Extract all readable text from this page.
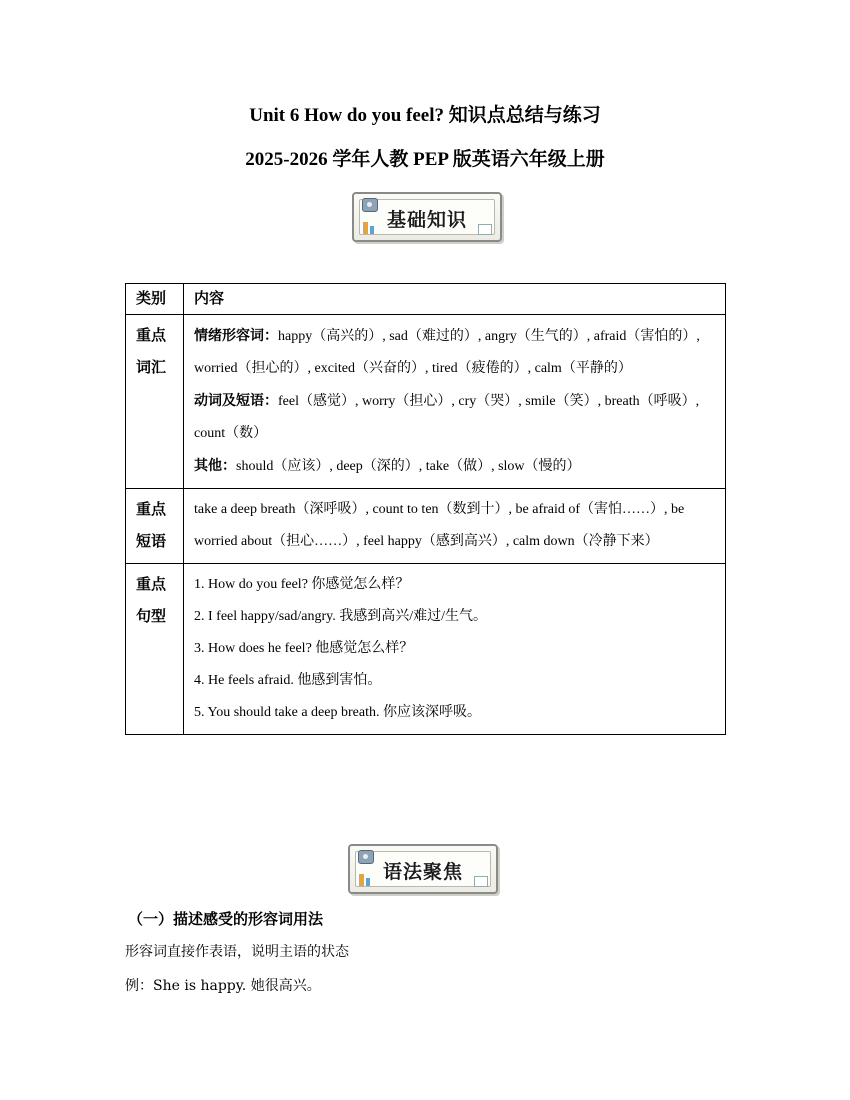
Unit 6 How do you feel? 知识点总结与练习
2025-2026 学年人教 PEP 版英语六年级上册
基础知识
类别	内容
重点词汇	情绪形容词：happy（高兴的）, sad（难过的）, angry（生气的）, afraid（害怕的）, worried（担心的）, excited（兴奋的）, tired（疲倦的）, calm（平静的）
动词及短语：feel（感觉）, worry（担心）, cry（哭）, smile（笑）, breath（呼吸）, count（数）
其他：should（应该）, deep（深的）, take（做）, slow（慢的）

重点短语	take a deep breath（深呼吸）, count to ten（数到十）, be afraid of（害怕……）, be worried about（担心……）, feel happy（感到高兴）, calm down（冷静下来）

重点句型	1. How do you feel? 你感觉怎么样？
2. I feel happy/sad/angry. 我感到高兴/难过/生气。
3. How does he feel? 他感觉怎么样？
4. He feels afraid. 他感到害怕。
5. You should take a deep breath. 你应该深呼吸。
语法聚焦
（一）描述感受的形容词用法
形容词直接作表语，说明主语的状态
例：She is happy. 她很高兴。
